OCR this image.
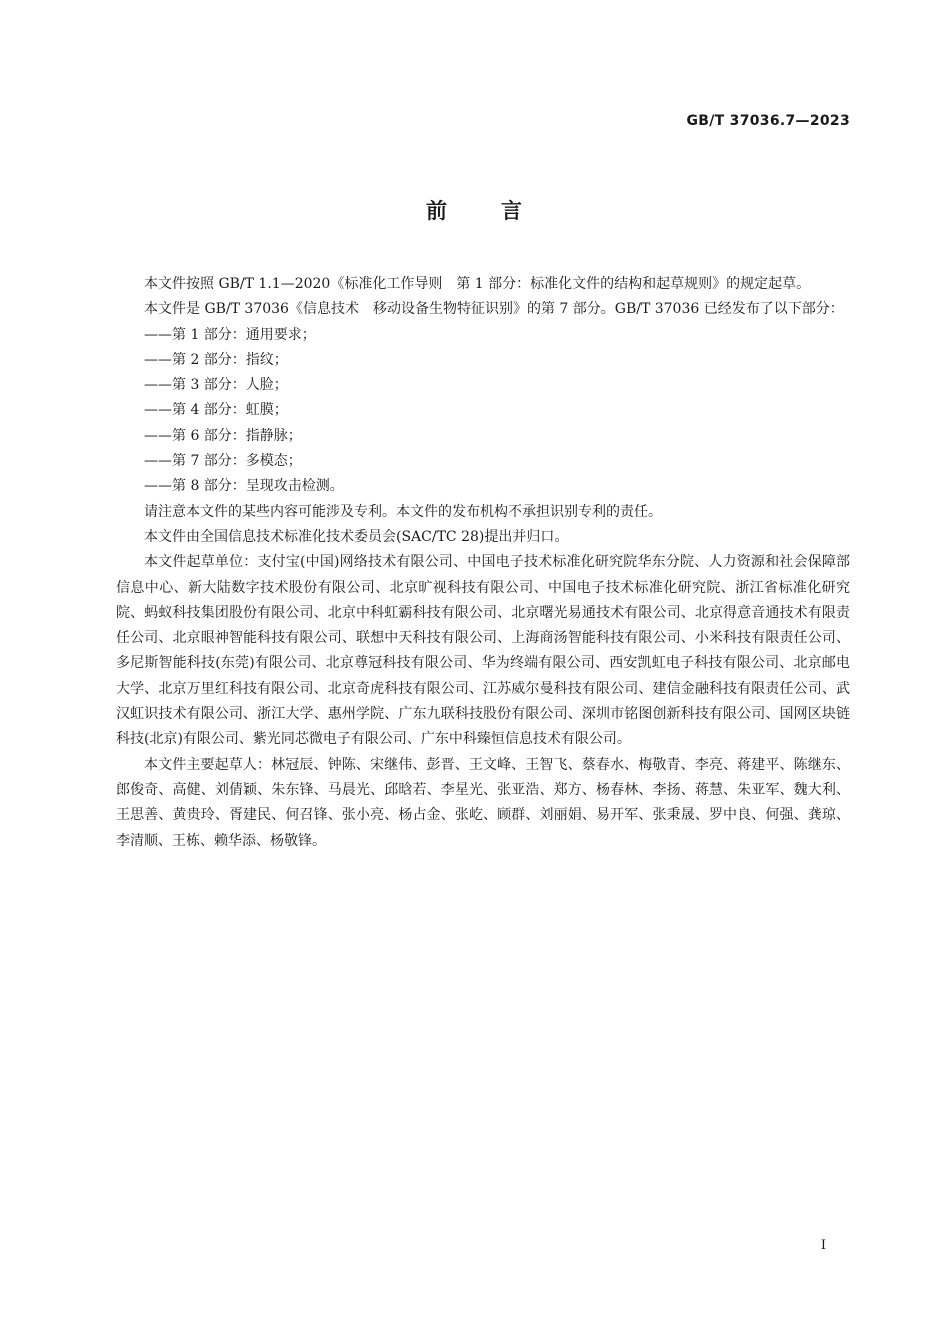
GB/T 37036.7—2023
前 言

本文件按照 GB/T 1.1—2020《标准化工作导则　第 1 部分：标准化文件的结构和起草规则》的规定起草。

本文件是 GB/T 37036《信息技术　移动设备生物特征识别》的第 7 部分。GB/T 37036 已经发布了以下部分：

——第 1 部分：通用要求；

——第 2 部分：指纹；

——第 3 部分：人脸；

——第 4 部分：虹膜；

——第 6 部分：指静脉；

——第 7 部分：多模态；

——第 8 部分：呈现攻击检测。

请注意本文件的某些内容可能涉及专利。本文件的发布机构不承担识别专利的责任。

本文件由全国信息技术标准化技术委员会(SAC/TC 28)提出并归口。

本文件起草单位：支付宝(中国)网络技术有限公司、中国电子技术标准化研究院华东分院、人力资源和社会保障部信息中心、新大陆数字技术股份有限公司、北京旷视科技有限公司、中国电子技术标准化研究院、浙江省标准化研究院、蚂蚁科技集团股份有限公司、北京中科虹霸科技有限公司、北京曙光易通技术有限公司、北京得意音通技术有限责任公司、北京眼神智能科技有限公司、联想中天科技有限公司、上海商汤智能科技有限公司、小米科技有限责任公司、多尼斯智能科技(东莞)有限公司、北京尊冠科技有限公司、华为终端有限公司、西安凯虹电子科技有限公司、北京邮电大学、北京万里红科技有限公司、北京奇虎科技有限公司、江苏威尔曼科技有限公司、建信金融科技有限责任公司、武汉虹识技术有限公司、浙江大学、惠州学院、广东九联科技股份有限公司、深圳市铭图创新科技有限公司、国网区块链科技(北京)有限公司、紫光同芯微电子有限公司、广东中科臻恒信息技术有限公司。

本文件主要起草人：林冠辰、钟陈、宋继伟、彭晋、王文峰、王智飞、蔡春水、梅敬青、李亮、蒋建平、陈继东、郎俊奇、高健、刘倩颖、朱东锋、马晨光、邱晗若、李星光、张亚浩、郑方、杨春林、李扬、蒋慧、朱亚军、魏大利、王思善、黄贵玲、胥建民、何召锋、张小亮、杨占金、张屹、顾群、刘丽娟、易开军、张秉晟、罗中良、何强、龚琼、李清顺、王栋、赖华添、杨敬锋。

I
